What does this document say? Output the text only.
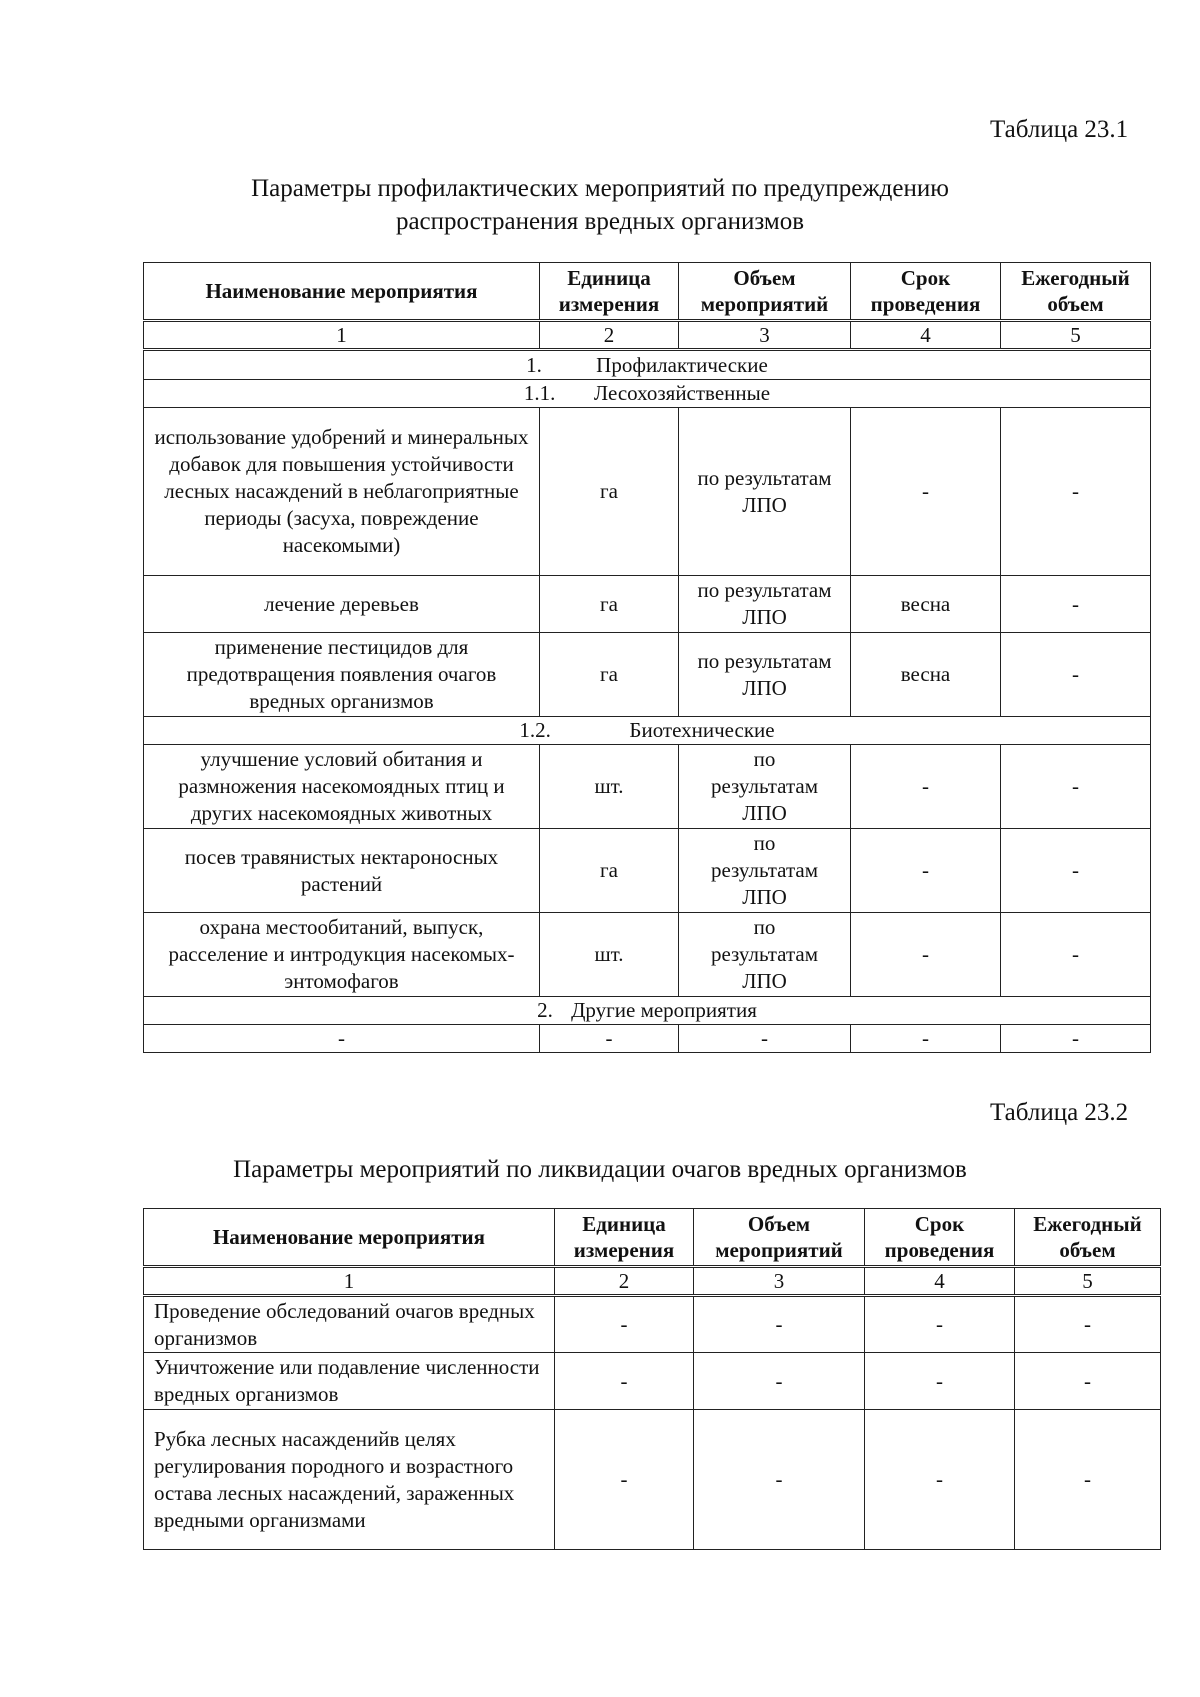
Таблица 23.1
Параметры профилактических мероприятий по предупреждению
распространения вредных организмов
Наименование мероприятия	Единица измерения	Объем мероприятий	Срок проведения	Ежегодный объем
1	2	3	4	5
1. Профилактические				
1.1. Лесохозяйственные				
использование удобрений и минеральных добавок для повышения устойчивости лесных насаждений в неблагоприятные периоды (засуха, повреждение насекомыми)	га	по результатам ЛПО	-	-
лечение деревьев	га	по результатам ЛПО	весна	-
применение пестицидов для предотвращения появления очагов вредных организмов	га	по результатам ЛПО	весна	-
1.2. Биотехнические				
улучшение условий обитания и размножения насекомоядных птиц и других насекомоядных животных	шт.	по результатам ЛПО	-	-
посев травянистых нектароносных растений	га	по результатам ЛПО	-	-
охрана местообитаний, выпуск, расселение и интродукция насекомых-энтомофагов	шт.	по результатам ЛПО	-	-
2. Другие мероприятия				
-	-	-	-	-
Таблица 23.2
Параметры мероприятий по ликвидации очагов вредных организмов
Наименование мероприятия	Единица измерения	Объем мероприятий	Срок проведения	Ежегодный объем
1	2	3	4	5
Проведение обследований очагов вредных организмов	-	-	-	-
Уничтожение или подавление численности вредных организмов	-	-	-	-
Рубка лесных насажденийв целях регулирования породного и возрастного остава лесных насаждений, зараженных вредными организмами	-	-	-	-
